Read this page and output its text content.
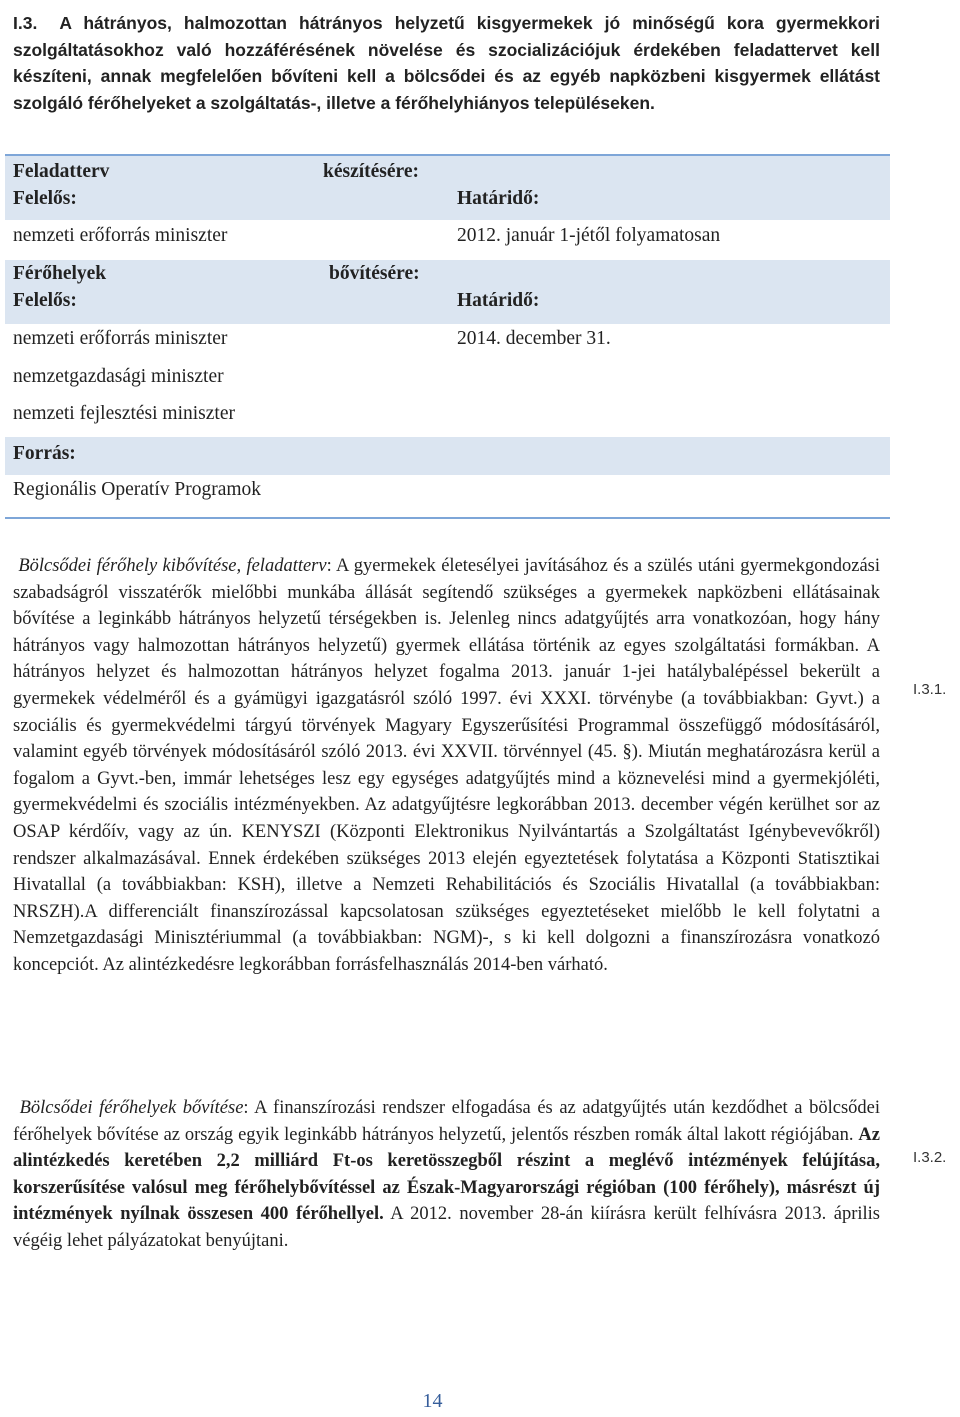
I.3. A hátrányos, halmozottan hátrányos helyzetű kisgyermekek jó minőségű kora gyermekkori szolgáltatásokhoz való hozzáférésének növelése és szocializációjuk érdekében feladattervet kell készíteni, annak megfelelően bővíteni kell a bölcsődei és az egyéb napközbeni kisgyermek ellátást szolgáló férőhelyeket a szolgáltatás-, illetve a férőhelyhiányos településeken.
Feladatterv	készítésére:
Felelős:	Határidő:
nemzeti erőforrás miniszter	2012. január 1-jétől folyamatosan
Férőhelyek	bővítésére:
Felelős:	Határidő:
nemzeti erőforrás miniszter	2014. december 31.
nemzetgazdasági miniszter
nemzeti fejlesztési miniszter
Forrás:
Regionális Operatív Programok
Bölcsődei férőhely kibővítése, feladatterv: A gyermekek életesélyei javításához és a szülés utáni gyermekgondozási szabadságról visszatérők mielőbbi munkába állását segítendő szükséges a gyermekek napközbeni ellátásainak bővítése a leginkább hátrányos helyzetű térségekben is. Jelenleg nincs adatgyűjtés arra vonatkozóan, hogy hány hátrányos vagy halmozottan hátrányos helyzetű) gyermek ellátása történik az egyes szolgáltatási formákban. A hátrányos helyzet és halmozottan hátrányos helyzet fogalma 2013. január 1-jei hatálybalépéssel bekerült a gyermekek védelméről és a gyámügyi igazgatásról szóló 1997. évi XXXI. törvénybe (a továbbiakban: Gyvt.) a szociális és gyermekvédelmi tárgyú törvények Magyary Egyszerűsítési Programmal összefüggő módosításáról, valamint egyéb törvények módosításáról szóló 2013. évi XXVII. törvénnyel (45. §). Miután meghatározásra kerül a fogalom a Gyvt.-ben, immár lehetséges lesz egy egységes adatgyűjtés mind a köznevelési mind a gyermekjóléti, gyermekvédelmi és szociális intézményekben. Az adatgyűjtésre legkorábban 2013. december végén kerülhet sor az OSAP kérdőív, vagy az ún. KENYSZI (Központi Elektronikus Nyilvántartás a Szolgáltatást Igénybevevőkről) rendszer alkalmazásával. Ennek érdekében szükséges 2013 elején egyeztetések folytatása a Központi Statisztikai Hivatallal (a továbbiakban: KSH), illetve a Nemzeti Rehabilitációs és Szociális Hivatallal (a továbbiakban: NRSZH).A differenciált finanszírozással kapcsolatosan szükséges egyeztetéseket mielőbb le kell folytatni a Nemzetgazdasági Minisztériummal (a továbbiakban: NGM)-, s ki kell dolgozni a finanszírozásra vonatkozó koncepciót. Az alintézkedésre legkorábban forrásfelhasználás 2014-ben várható.
I.3.1.
Bölcsődei férőhelyek bővítése: A finanszírozási rendszer elfogadása és az adatgyűjtés után kezdődhet a bölcsődei férőhelyek bővítése az ország egyik leginkább hátrányos helyzetű, jelentős részben romák által lakott régiójában. Az alintézkedés keretében 2,2 milliárd Ft-os keretösszegből részint a meglévő intézmények felújítása, korszerűsítése valósul meg férőhelybővítéssel az Észak-Magyarországi régióban (100 férőhely), másrészt új intézmények nyílnak összesen 400 férőhellyel. A 2012. november 28-án kiírásra került felhívásra 2013. április végéig lehet pályázatokat benyújtani.
I.3.2.
14
